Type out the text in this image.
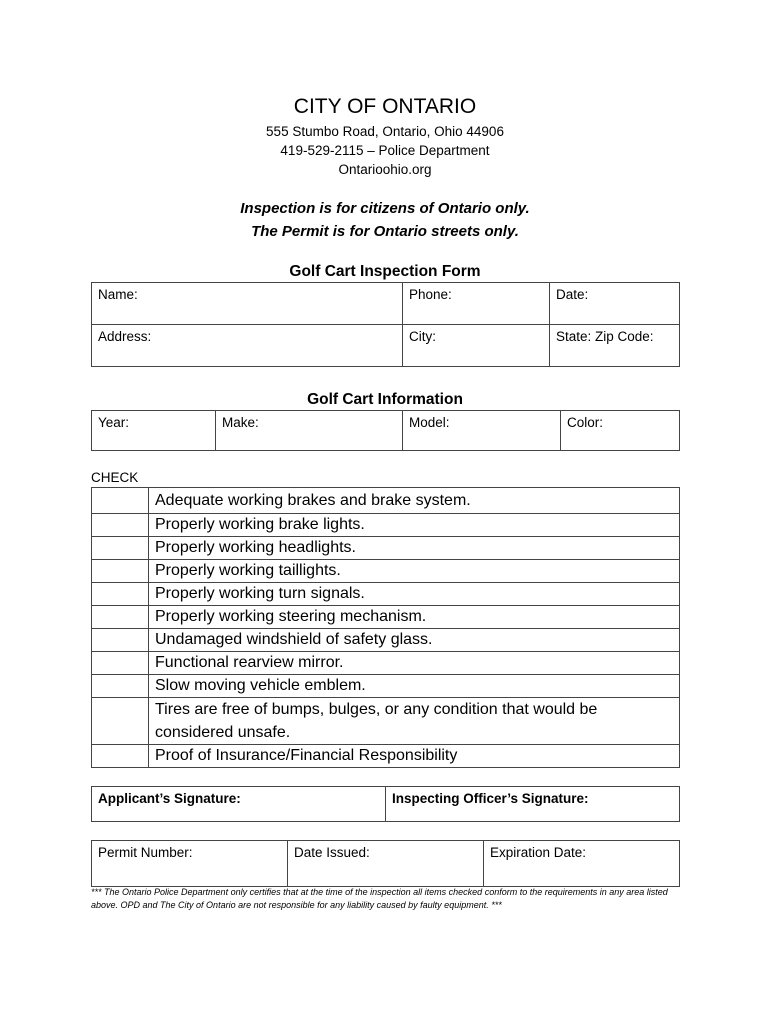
CITY OF ONTARIO
555 Stumbo Road, Ontario, Ohio 44906
419-529-2115 – Police Department
Ontarioohio.org
Inspection is for citizens of Ontario only.
The Permit is for Ontario streets only.
Golf Cart Inspection Form
Name:	Phone:	Date:
Address:	City:	State: Zip Code:
Golf Cart Information
Year:	Make:	Model:	Color:
CHECK
	Adequate working brakes and brake system.
	Properly working brake lights.
	Properly working headlights.
	Properly working taillights.
	Properly working turn signals.
	Properly working steering mechanism.
	Undamaged windshield of safety glass.
	Functional rearview mirror.
	Slow moving vehicle emblem.
	Tires are free of bumps, bulges, or any condition that would be considered unsafe.
	Proof of Insurance/Financial Responsibility
Applicant’s Signature:	Inspecting Officer’s Signature:
Permit Number:	Date Issued:	Expiration Date:
*** The Ontario Police Department only certifies that at the time of the inspection all items checked conform to the requirements in any area listed above. OPD and The City of Ontario are not responsible for any liability caused by faulty equipment. ***
